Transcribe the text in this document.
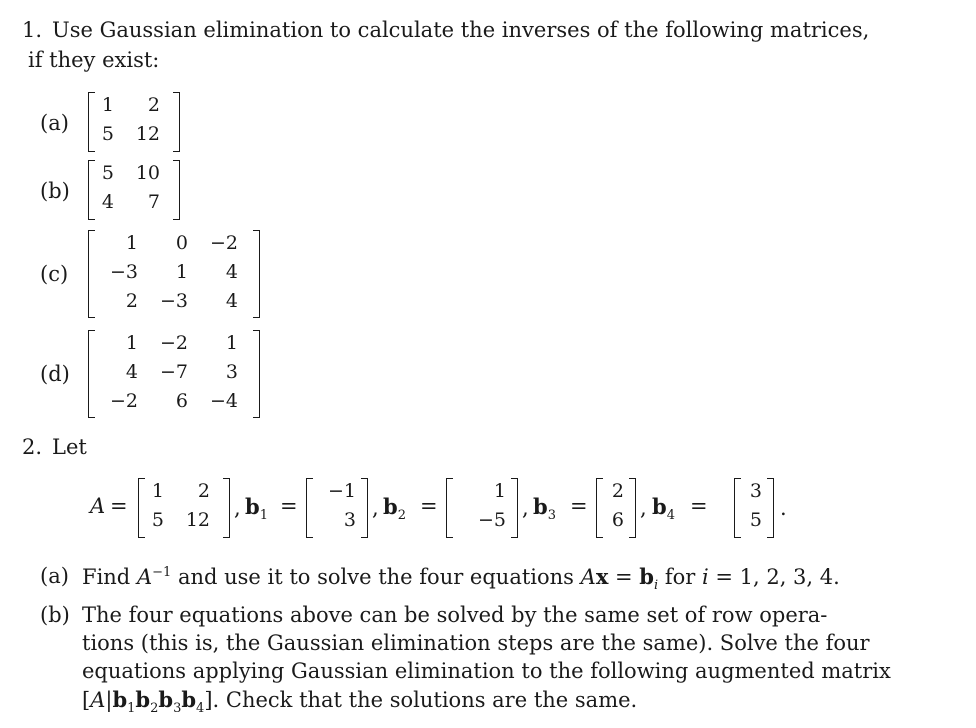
1. Use Gaussian elimination to calculate the inverses of the following matrices,
if they exist:
(a)
1	2
5	12
(b)
5	10
4	7
(c)
1	0	−2
−3	1	4
2	−3	4
(d)
1	−2	1
4	−7	3
−2	6	−4
2. Let
A =
1	2
5	12 , $b_1$ =
−1
3 , $b_2$ =
1
−5 , $b_3$ =
2
6 , $b_4$ =
3
5 .
(a) Find $A^{-1}$ and use it to solve the four equations $Ax = b_i$ for i = 1, 2, 3, 4.
(b) The four equations above can be solved by the same set of row opera-
tions (this is, the Gaussian elimination steps are the same). Solve the four
equations applying Gaussian elimination to the following augmented matrix
$[A|b_1b_2b_3b_4]$. Check that the solutions are the same.
